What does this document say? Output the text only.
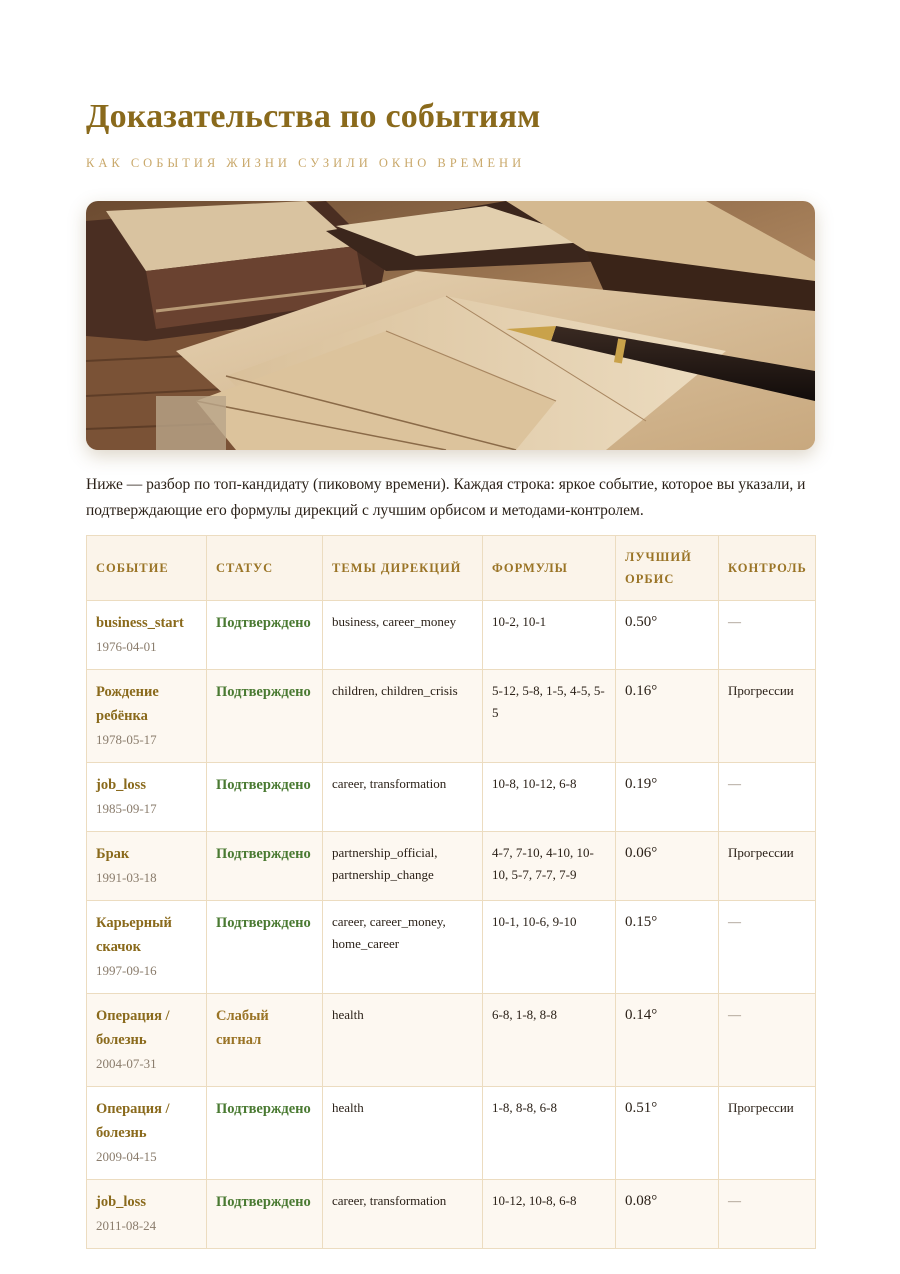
Доказательства по событиям
КАК СОБЫТИЯ ЖИЗНИ СУЗИЛИ ОКНО ВРЕМЕНИ

Ниже — разбор по топ-кандидату (пиковому времени). Каждая строка: яркое событие, которое вы указали, и подтверждающие его формулы дирекций с лучшим орбисом и методами-контролем.

СОБЫТИЕ	СТАТУС	ТЕМЫ ДИРЕКЦИЙ	ФОРМУЛЫ	ЛУЧШИЙ ОРБИС	КОНТРОЛЬ

business_start
1976-04-01	Подтверждено	business, career_money	10-2, 10-1	0.50°	—

Рождение ребёнка
1978-05-17	Подтверждено	children, children_crisis	5-12, 5-8, 1-5, 4-5, 5-5	0.16°	Прогрессии

job_loss
1985-09-17	Подтверждено	career, transformation	10-8, 10-12, 6-8	0.19°	—

Брак
1991-03-18	Подтверждено	partnership_official, partnership_change	4-7, 7-10, 4-10, 10-10, 5-7, 7-7, 7-9	0.06°	Прогрессии

Карьерный скачок
1997-09-16	Подтверждено	career, career_money, home_career	10-1, 10-6, 9-10	0.15°	—

Операция / болезнь
2004-07-31	Слабый сигнал	health	6-8, 1-8, 8-8	0.14°	—

Операция / болезнь
2009-04-15	Подтверждено	health	1-8, 8-8, 6-8	0.51°	Прогрессии

job_loss
2011-08-24	Подтверждено	career, transformation	10-12, 10-8, 6-8	0.08°	—
